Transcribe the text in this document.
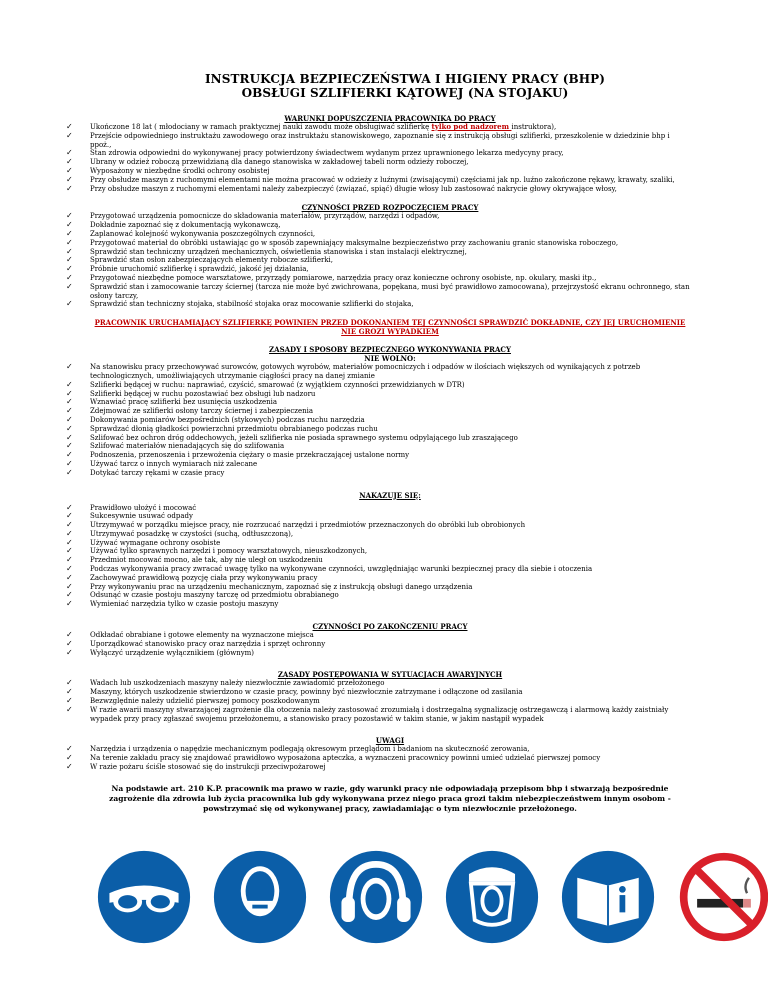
INSTRUKCJA BEZPIECZEŃSTWA I HIGIENY PRACY (BHP)
OBSŁUGI SZLIFIERKI KĄTOWEJ (NA STOJAKU)
WARUNKI DOPUSZCZENIA PRACOWNIKA DO PRACY
✓ Ukończone 18 lat ( młodociany w ramach praktycznej nauki zawodu może obsługiwać szlifierkę tylko pod nadzorem instruktora),
✓ Przejście odpowiedniego instruktażu zawodowego oraz instruktażu stanowiskowego, zapoznanie się z instrukcją obsługi szlifierki, przeszkolenie w dziedzinie bhp i ppoż.,
✓ Stan zdrowia odpowiedni do wykonywanej pracy potwierdzony świadectwem wydanym przez uprawnionego lekarza medycyny pracy,
✓ Ubrany w odzież roboczą przewidzianą dla danego stanowiska w zakładowej tabeli norm odzieży roboczej,
✓ Wyposażony w niezbędne środki ochrony osobistej
✓ Przy obsłudze maszyn z ruchomymi elementami nie można pracować w odzieży z luźnymi (zwisającymi) częściami jak np. luźno zakończone rękawy, krawaty, szaliki,
✓ Przy obsłudze maszyn z ruchomymi elementami należy zabezpieczyć (związać, spiąć) długie włosy lub zastosować nakrycie głowy okrywające włosy,
CZYNNOŚCI PRZED ROZPOCZĘCIEM PRACY
✓ Przygotować urządzenia pomocnicze do składowania materiałów, przyrządów, narzędzi i odpadów,
✓ Dokładnie zapoznać się z dokumentacją wykonawczą,
✓ Zaplanować kolejność wykonywania poszczególnych czynności,
✓ Przygotować materiał do obróbki ustawiając go w sposób zapewniający maksymalne bezpieczeństwo przy zachowaniu granic stanowiska roboczego,
✓ Sprawdzić stan techniczny urządzeń mechanicznych, oświetlenia stanowiska i stan instalacji elektrycznej,
✓ Sprawdzić stan osłon zabezpieczających elementy robocze szlifierki,
✓ Próbnie uruchomić szlifierkę i sprawdzić, jakość jej działania,
✓ Przygotować niezbędne pomoce warsztatowe, przyrządy pomiarowe, narzędzia pracy oraz konieczne ochrony osobiste, np. okulary, maski itp.,
✓ Sprawdzić stan i zamocowanie tarczy ściernej (tarcza nie może być zwichrowana, popękana, musi być prawidłowo zamocowana), przejrzystość ekranu ochronnego, stan osłony tarczy,
✓ Sprawdzić stan techniczny stojaka, stabilność stojaka oraz mocowanie szlifierki do stojaka,
PRACOWNIK URUCHAMIAJĄCY SZLIFIERKĘ POWINIEN PRZED DOKONANIEM TEJ CZYNNOŚCI SPRAWDZIĆ DOKŁADNIE, CZY JEJ URUCHOMIENIE NIE GROZI WYPADKIEM
ZASADY I SPOSOBY BEZPIECZNEGO WYKONYWANIA PRACY
NIE WOLNO:
✓ Na stanowisku pracy przechowywać surowców, gotowych wyrobów, materiałów pomocniczych i odpadów w ilościach większych od wynikających z potrzeb technologicznych, umożliwiających utrzymanie ciągłości pracy na danej zmianie
✓ Szlifierki będącej w ruchu: naprawiać, czyścić, smarować (z wyjątkiem czynności przewidzianych w DTR)
✓ Szlifierki będącej w ruchu pozostawiać bez obsługi lub nadzoru
✓ Wznawiać pracę szlifierki bez usunięcia uszkodzenia
✓ Zdejmować ze szlifierki osłony tarczy ściernej i zabezpieczenia
✓ Dokonywania pomiarów bezpośrednich (stykowych) podczas ruchu narzędzia
✓ Sprawdzać dłonią gładkości powierzchni przedmiotu obrabianego podczas ruchu
✓ Szlifować bez ochron dróg oddechowych, jeżeli szlifierka nie posiada sprawnego systemu odpylającego lub zraszającego
✓ Szlifować materiałów nienadających się do szlifowania
✓ Podnoszenia, przenoszenia i przewożenia ciężary o masie przekraczającej ustalone normy
✓ Używać tarcz o innych wymiarach niż zalecane
✓ Dotykać tarczy rękami w czasie pracy
NAKAZUJE SIĘ:
✓ Prawidłowo ułożyć i mocować
✓ Sukcesywnie usuwać odpady
✓ Utrzymywać w porządku miejsce pracy, nie rozrzucać narzędzi i przedmiotów przeznaczonych do obróbki lub obrobionych
✓ Utrzymywać posadzkę w czystości (suchą, odtłuszczoną),
✓ Używać wymagane ochrony osobiste
✓ Używać tylko sprawnych narzędzi i pomocy warsztatowych, nieuszkodzonych,
✓ Przedmiot mocować mocno, ale tak, aby nie uległ on uszkodzeniu
✓ Podczas wykonywania pracy zwracać uwagę tylko na wykonywane czynności, uwzględniając warunki bezpiecznej pracy dla siebie i otoczenia
✓ Zachowywać prawidłową pozycję ciała przy wykonywaniu pracy
✓ Przy wykonywaniu prac na urządzeniu mechanicznym, zapoznać się z instrukcją obsługi danego urządzenia
✓ Odsunąć w czasie postoju maszyny tarczę od przedmiotu obrabianego
✓ Wymieniać narzędzia tylko w czasie postoju maszyny
CZYNNOŚCI PO ZAKOŃCZENIU PRACY
✓ Odkładać obrabiane i gotowe elementy na wyznaczone miejsca
✓ Uporządkować stanowisko pracy oraz narzędzia i sprzęt ochronny
✓ Wyłączyć urządzenie wyłącznikiem (głównym)
ZASADY POSTĘPOWANIA W SYTUACJACH AWARYJNYCH
✓ Wadach lub uszkodzeniach maszyny należy niezwłocznie zawiadomić przełożonego
✓ Maszyny, których uszkodzenie stwierdzono w czasie pracy, powinny być niezwłocznie zatrzymane i odłączone od zasilania
✓ Bezwzględnie należy udzielić pierwszej pomocy poszkodowanym
✓ W razie awarii maszyny stwarzającej zagrożenie dla otoczenia należy zastosować zrozumiałą i dostrzegalną sygnalizację ostrzegawczą i alarmową każdy zaistniały wypadek przy pracy zgłaszać swojemu przełożonemu, a stanowisko pracy pozostawić w takim stanie, w jakim nastąpił wypadek
UWAGI
✓ Narzędzia i urządzenia o napędzie mechanicznym podlegają okresowym przeglądom i badaniom na skuteczność zerowania,
✓ Na terenie zakładu pracy się znajdować prawidłowo wyposażona apteczka, a wyznaczeni pracownicy powinni umieć udzielać pierwszej pomocy
✓ W razie pożaru ściśle stosować się do instrukcji przeciwpożarowej
Na podstawie art. 210 K.P. pracownik ma prawo w razie, gdy warunki pracy nie odpowiadają przepisom bhp i stwarzają bezpośrednie zagrożenie dla zdrowia lub życia pracownika lub gdy wykonywana przez niego praca grozi takim niebezpieczeństwem innym osobom - powstrzymać się od wykonywanej pracy, zawiadamiając o tym niezwłocznie przełożonego.
